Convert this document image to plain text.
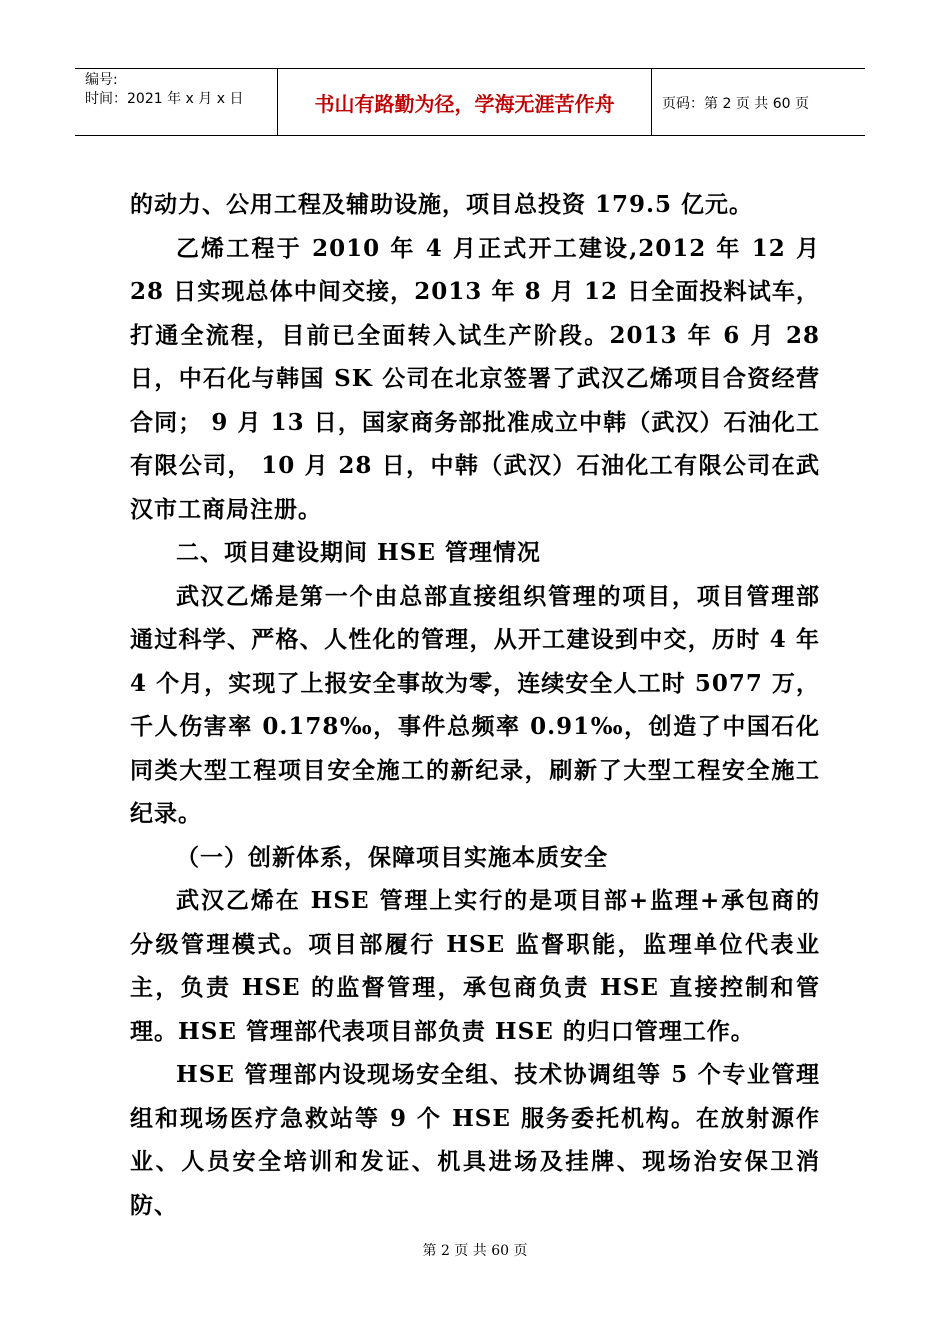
编号:
时间：2021 年 x 月 x 日	书山有路勤为径，学海无涯苦作舟	页码：第 2 页 共 60 页

的动力、公用工程及辅助设施，项目总投资 179.5 亿元。

乙烯工程于 2010 年 4 月正式开工建设,2012 年 12 月 28 日实现总体中间交接，2013 年 8 月 12 日全面投料试车，打通全流程，目前已全面转入试生产阶段。2013 年 6 月 28 日，中石化与韩国 SK 公司在北京签署了武汉乙烯项目合资经营合同； 9 月 13 日，国家商务部批准成立中韩（武汉）石油化工有限公司， 10 月 28 日，中韩（武汉）石油化工有限公司在武汉市工商局注册。

二、项目建设期间 HSE 管理情况

武汉乙烯是第一个由总部直接组织管理的项目，项目管理部通过科学、严格、人性化的管理，从开工建设到中交，历时 4 年 4 个月，实现了上报安全事故为零，连续安全人工时 5077 万，千人伤害率 0.178‰，事件总频率 0.91‰，创造了中国石化同类大型工程项目安全施工的新纪录，刷新了大型工程安全施工纪录。

（一）创新体系，保障项目实施本质安全

武汉乙烯在 HSE 管理上实行的是项目部+监理+承包商的分级管理模式。项目部履行 HSE 监督职能，监理单位代表业主，负责 HSE 的监督管理，承包商负责 HSE 直接控制和管理。HSE 管理部代表项目部负责 HSE 的归口管理工作。

HSE 管理部内设现场安全组、技术协调组等 5 个专业管理组和现场医疗急救站等 9 个 HSE 服务委托机构。在放射源作业、人员安全培训和发证、机具进场及挂牌、现场治安保卫消防、

第 2 页 共 60 页
